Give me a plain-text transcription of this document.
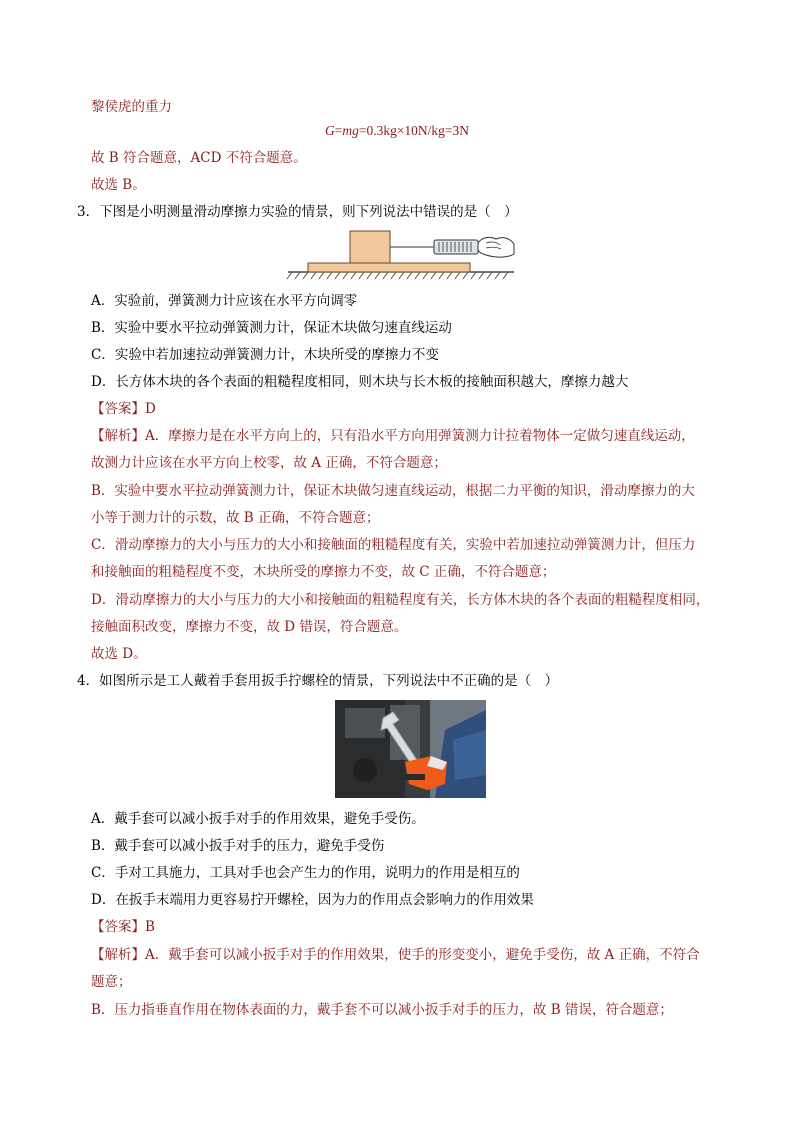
黎侯虎的重力
G=mg=0.3kg×10N/kg=3N
故 B 符合题意，ACD 不符合题意。
故选 B。
3．下图是小明测量滑动摩擦力实验的情景，则下列说法中错误的是（　）
A．实验前，弹簧测力计应该在水平方向调零
B．实验中要水平拉动弹簧测力计，保证木块做匀速直线运动
C．实验中若加速拉动弹簧测力计，木块所受的摩擦力不变
D．长方体木块的各个表面的粗糙程度相同，则木块与长木板的接触面积越大，摩擦力越大
【答案】D
【解析】A．摩擦力是在水平方向上的，只有沿水平方向用弹簧测力计拉着物体一定做匀速直线运动，
故测力计应该在水平方向上校零，故 A 正确，不符合题意；
B．实验中要水平拉动弹簧测力计，保证木块做匀速直线运动，根据二力平衡的知识，滑动摩擦力的大
小等于测力计的示数，故 B 正确，不符合题意；
C．滑动摩擦力的大小与压力的大小和接触面的粗糙程度有关，实验中若加速拉动弹簧测力计，但压力
和接触面的粗糙程度不变，木块所受的摩擦力不变，故 C 正确，不符合题意；
D．滑动摩擦力的大小与压力的大小和接触面的粗糙程度有关，长方体木块的各个表面的粗糙程度相同，
接触面积改变，摩擦力不变，故 D 错误，符合题意。
故选 D。
4．如图所示是工人戴着手套用扳手拧螺栓的情景，下列说法中不正确的是（　）
A．戴手套可以减小扳手对手的作用效果，避免手受伤。
B．戴手套可以减小扳手对手的压力，避免手受伤
C．手对工具施力，工具对手也会产生力的作用，说明力的作用是相互的
D．在扳手末端用力更容易拧开螺栓，因为力的作用点会影响力的作用效果
【答案】B
【解析】A．戴手套可以减小扳手对手的作用效果，使手的形变变小，避免手受伤，故 A 正确，不符合
题意；
B．压力指垂直作用在物体表面的力，戴手套不可以减小扳手对手的压力，故 B 错误，符合题意；
